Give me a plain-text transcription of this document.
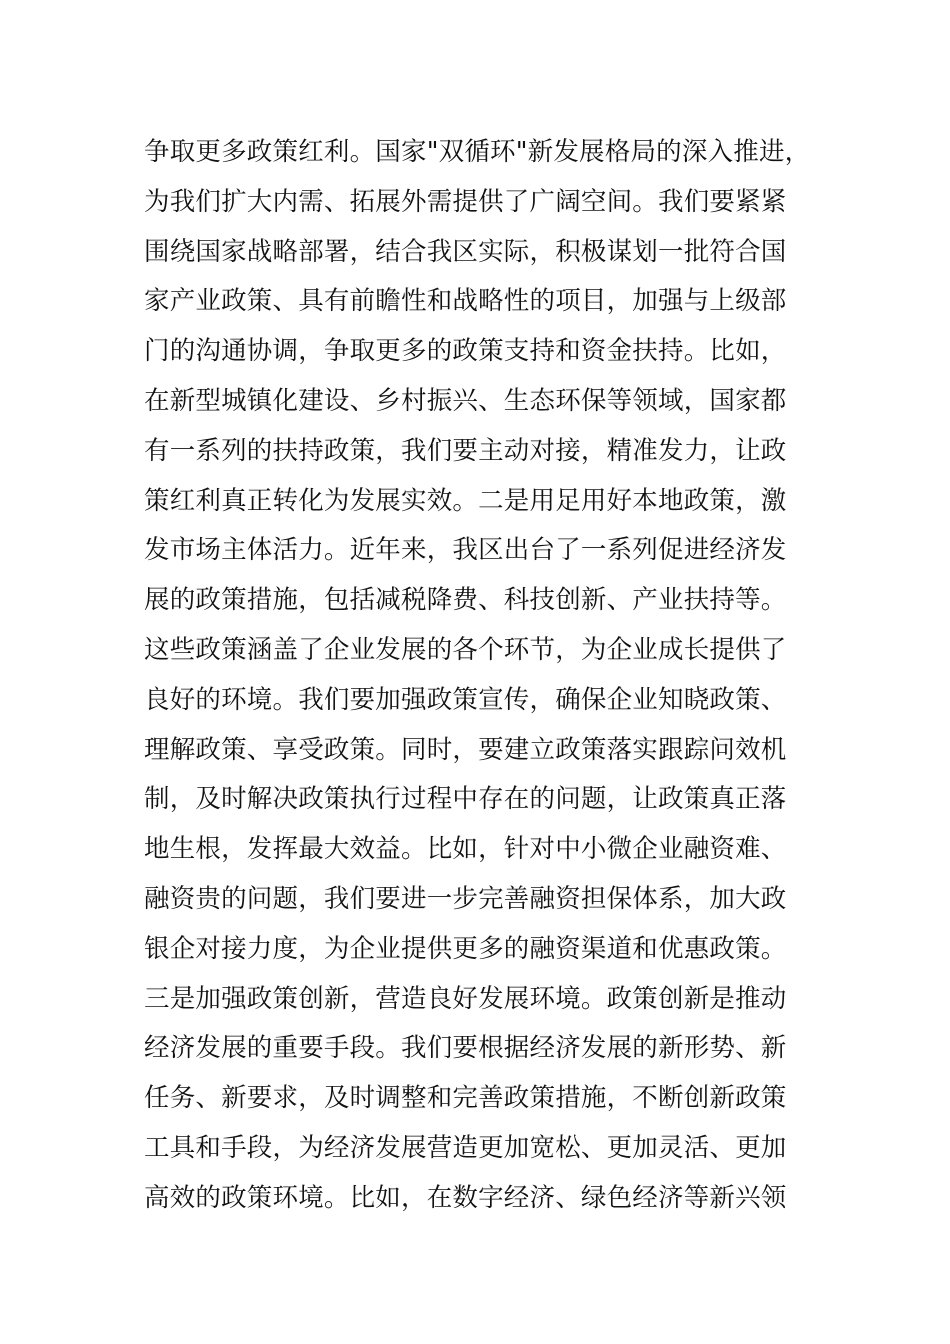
争取更多政策红利。国家"双循环"新发展格局的深入推进，
为我们扩大内需、拓展外需提供了广阔空间。我们要紧紧
围绕国家战略部署，结合我区实际，积极谋划一批符合国
家产业政策、具有前瞻性和战略性的项目，加强与上级部
门的沟通协调，争取更多的政策支持和资金扶持。比如，
在新型城镇化建设、乡村振兴、生态环保等领域，国家都
有一系列的扶持政策，我们要主动对接，精准发力，让政
策红利真正转化为发展实效。二是用足用好本地政策，激
发市场主体活力。近年来，我区出台了一系列促进经济发
展的政策措施，包括减税降费、科技创新、产业扶持等。
这些政策涵盖了企业发展的各个环节，为企业成长提供了
良好的环境。我们要加强政策宣传，确保企业知晓政策、
理解政策、享受政策。同时，要建立政策落实跟踪问效机
制，及时解决政策执行过程中存在的问题，让政策真正落
地生根，发挥最大效益。比如，针对中小微企业融资难、
融资贵的问题，我们要进一步完善融资担保体系，加大政
银企对接力度，为企业提供更多的融资渠道和优惠政策。
三是加强政策创新，营造良好发展环境。政策创新是推动
经济发展的重要手段。我们要根据经济发展的新形势、新
任务、新要求，及时调整和完善政策措施，不断创新政策
工具和手段，为经济发展营造更加宽松、更加灵活、更加
高效的政策环境。比如，在数字经济、绿色经济等新兴领
